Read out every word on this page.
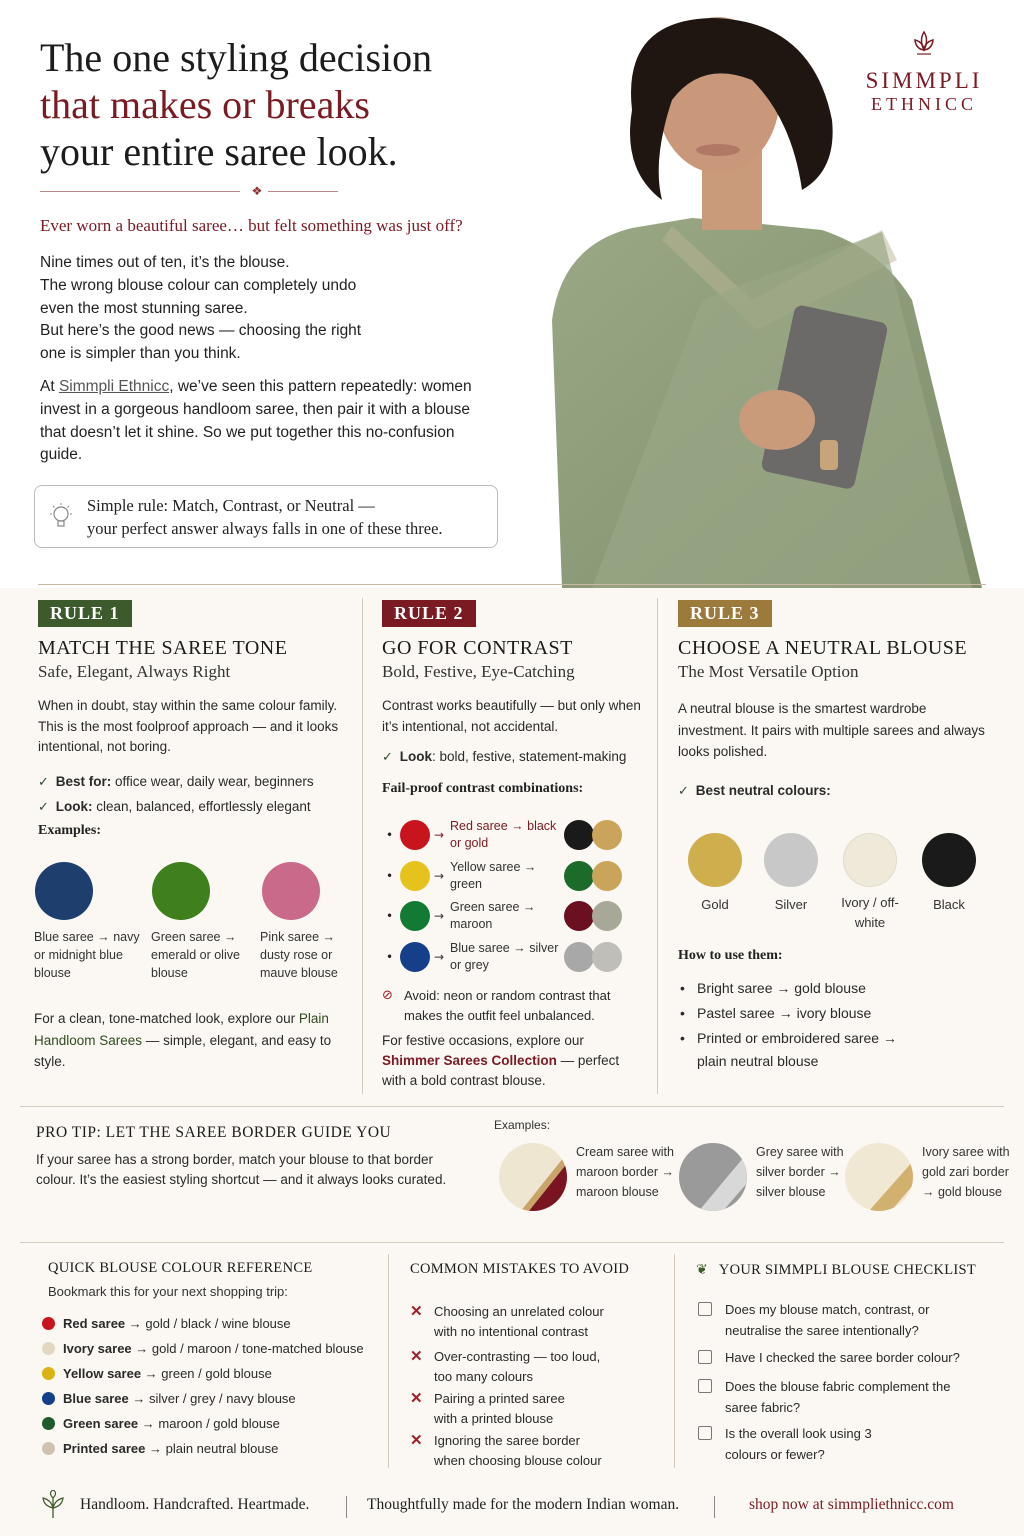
The one styling decision
that makes or breaks
your entire saree look.
❖
Ever worn a beautiful saree… but felt something was just off?
Nine times out of ten, it’s the blouse.
The wrong blouse colour can completely undo
even the most stunning saree.
But here’s the good news — choosing the right
one is simpler than you think.
At Simmpli Ethnicc, we’ve seen this pattern repeatedly: women invest in a gorgeous handloom saree, then pair it with a blouse that doesn’t let it shine. So we put together this no-confusion guide.
Simple rule: Match, Contrast, or Neutral —
your perfect answer always falls in one of these three.
SIMMPLI
ETHNICC
RULE 1
MATCH THE SAREE TONE
Safe, Elegant, Always Right
When in doubt, stay within the same colour family. This is the most foolproof approach — and it looks intentional, not boring.
✓ Best for: office wear, daily wear, beginners
✓ Look: clean, balanced, effortlessly elegant
Examples:
Blue saree → navy or midnight blue blouse
Green saree → emerald or olive blouse
Pink saree → dusty rose or mauve blouse
For a clean, tone-matched look, explore our Plain Handloom Sarees — simple, elegant, and easy to style.
RULE 2
GO FOR CONTRAST
Bold, Festive, Eye-Catching
Contrast works beautifully — but only when it’s intentional, not accidental.
✓ Look: bold, festive, statement-making
Fail-proof contrast combinations:
•	→
Red saree → black or gold
•	→
Yellow saree → green
•	→
Green saree → maroon
•	→
Blue saree → silver or grey
⊘ Avoid: neon or random contrast that makes the outfit feel unbalanced.
For festive occasions, explore our Shimmer Sarees Collection — perfect with a bold contrast blouse.
RULE 3
CHOOSE A NEUTRAL BLOUSE
The Most Versatile Option
A neutral blouse is the smartest wardrobe investment. It pairs with multiple sarees and always looks polished.
✓ Best neutral colours:
Gold	Silver	Ivory / off-white
Black
How to use them:
• Bright saree → gold blouse
• Pastel saree → ivory blouse
• Printed or embroidered saree → plain neutral blouse
PRO TIP: LET THE SAREE BORDER GUIDE YOU
If your saree has a strong border, match your blouse to that border colour. It’s the easiest styling shortcut — and it always looks curated.
Examples:
Cream saree with maroon border → maroon blouse
Grey saree with silver border → silver blouse
Ivory saree with gold zari border → gold blouse
QUICK BLOUSE COLOUR REFERENCE
Bookmark this for your next shopping trip:
Red saree → gold / black / wine blouse
Ivory saree → gold / maroon / tone-matched blouse
Yellow saree → green / gold blouse
Blue saree → silver / grey / navy blouse
Green saree → maroon / gold blouse
Printed saree → plain neutral blouse
COMMON MISTAKES TO AVOID
✕ Choosing an unrelated colour with no intentional contrast
✕ Over-contrasting — too loud, too many colours
✕ Pairing a printed saree with a printed blouse
✕ Ignoring the saree border when choosing blouse colour
❦ YOUR SIMMPLI BLOUSE CHECKLIST
Does my blouse match, contrast, or neutralise the saree intentionally?
Have I checked the saree border colour?
Does the blouse fabric complement the saree fabric?
Is the overall look using 3 colours or fewer?
Handloom. Handcrafted. Heartmade.	Thoughtfully made for the modern Indian woman.	shop now at simmpliethnicc.com
